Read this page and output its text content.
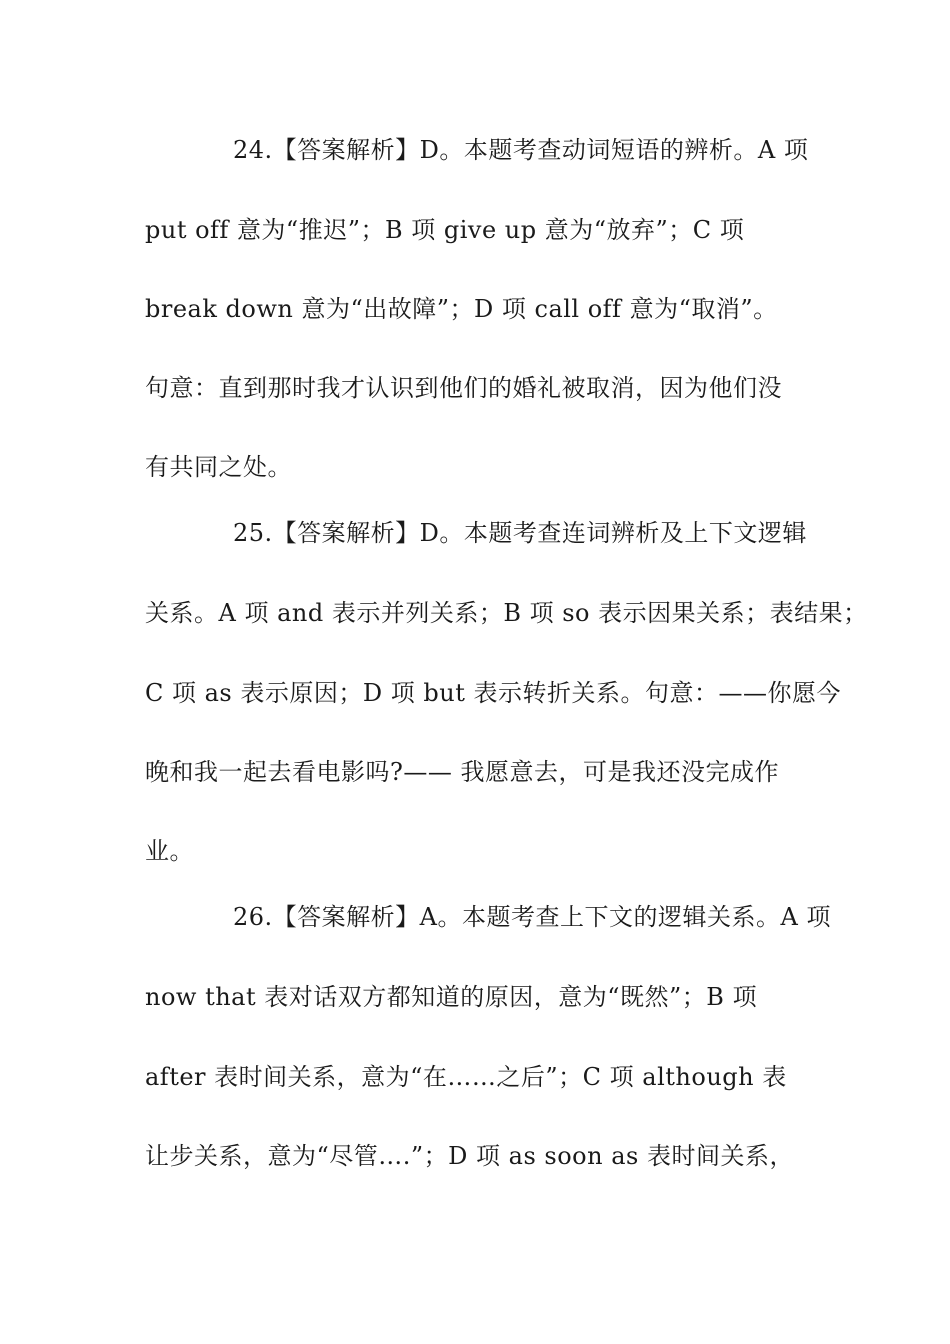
24.【答案解析】D。本题考查动词短语的辨析。A 项
put off 意为“推迟”；B 项 give up 意为“放弃”；C 项
break down 意为“出故障”；D 项 call off 意为“取消”。
句意：直到那时我才认识到他们的婚礼被取消，因为他们没
有共同之处。
25.【答案解析】D。本题考查连词辨析及上下文逻辑
关系。A 项 and 表示并列关系；B 项 so 表示因果关系；表结果；
C 项 as 表示原因；D 项 but 表示转折关系。句意：——你愿今
晚和我一起去看电影吗?—— 我愿意去，可是我还没完成作
业。
26.【答案解析】A。本题考查上下文的逻辑关系。A 项
now that 表对话双方都知道的原因，意为“既然”；B 项
after 表时间关系，意为“在……之后”；C 项 although 表
让步关系，意为“尽管….”；D 项 as soon as 表时间关系，
